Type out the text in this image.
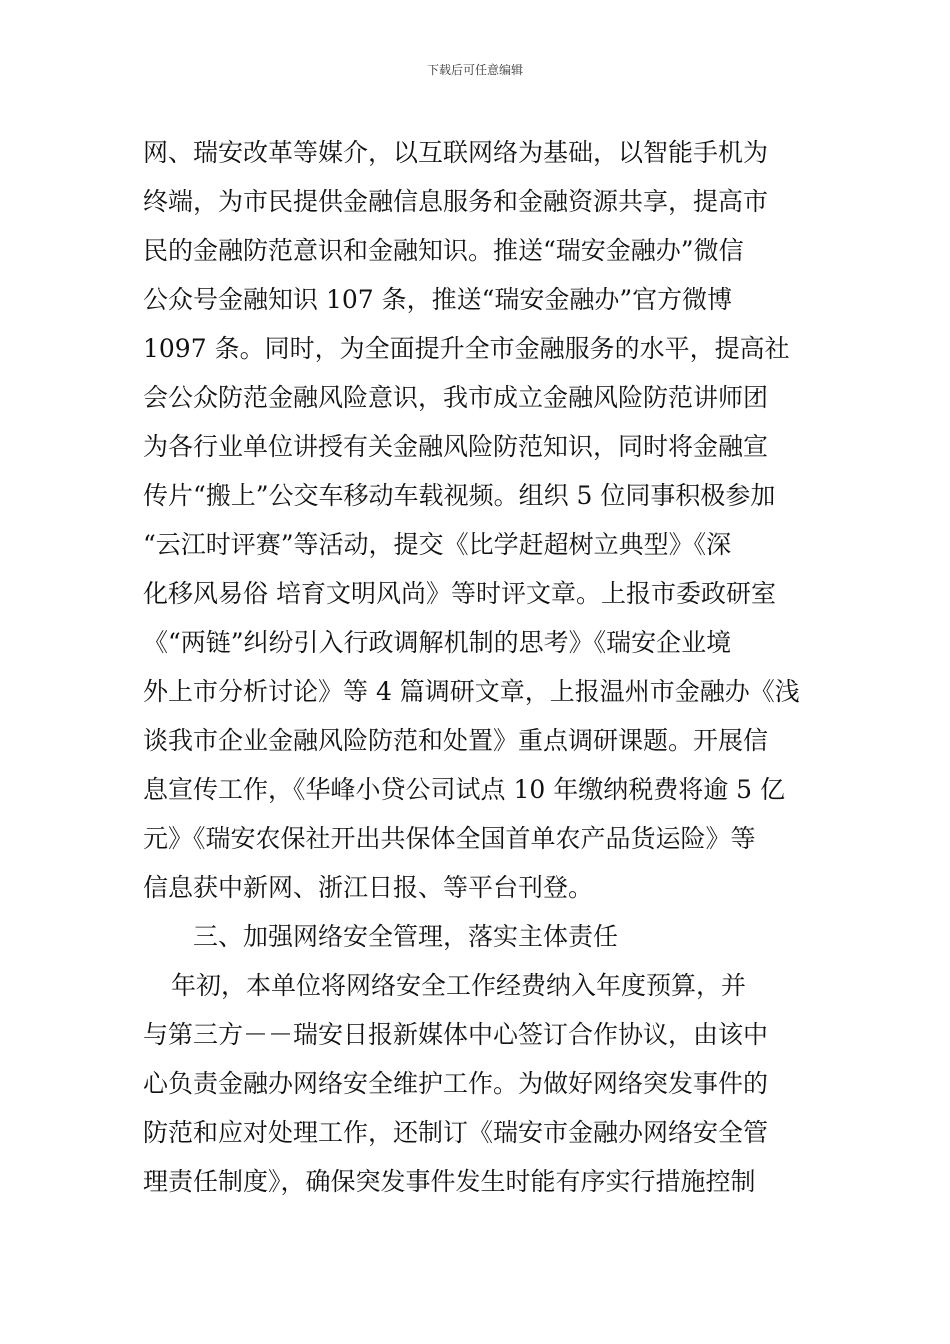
下载后可任意编辑
网、瑞安改革等媒介，以互联网络为基础，以智能手机为
终端，为市民提供金融信息服务和金融资源共享，提高市
民的金融防范意识和金融知识。推送“瑞安金融办”微信
公众号金融知识 107 条，推送“瑞安金融办”官方微博
1097 条。同时，为全面提升全市金融服务的水平，提高社
会公众防范金融风险意识，我市成立金融风险防范讲师团
为各行业单位讲授有关金融风险防范知识，同时将金融宣
传片“搬上”公交车移动车载视频。组织 5 位同事积极参加
“云江时评赛”等活动，提交《比学赶超树立典型》《深
化移风易俗 培育文明风尚》等时评文章。上报市委政研室
《“两链”纠纷引入行政调解机制的思考》《瑞安企业境
外上市分析讨论》等 4 篇调研文章，上报温州市金融办《浅
谈我市企业金融风险防范和处置》重点调研课题。开展信
息宣传工作，《华峰小贷公司试点 10 年缴纳税费将逾 5 亿
元》《瑞安农保社开出共保体全国首单农产品货运险》等
信息获中新网、浙江日报、等平台刊登。
三、加强网络安全管理，落实主体责任
年初，本单位将网络安全工作经费纳入年度预算，并
与第三方－－瑞安日报新媒体中心签订合作协议，由该中
心负责金融办网络安全维护工作。为做好网络突发事件的
防范和应对处理工作，还制订《瑞安市金融办网络安全管
理责任制度》，确保突发事件发生时能有序实行措施控制
